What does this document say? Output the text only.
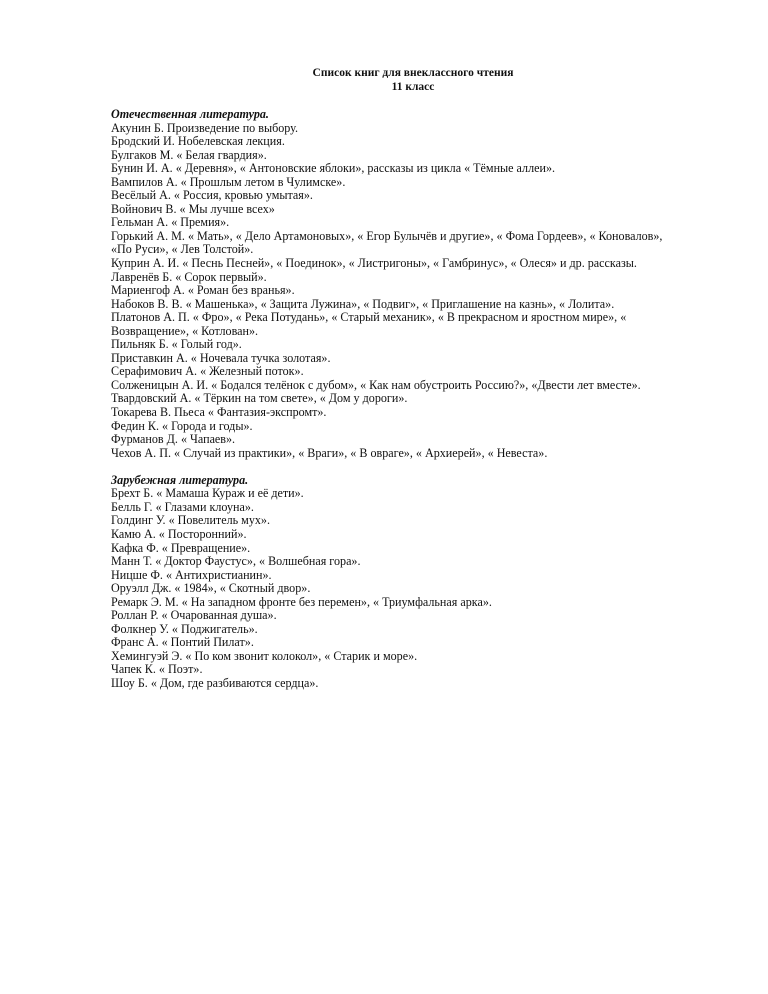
Список книг для внеклассного чтения
11 класс
Отечественная литература.
Акунин Б. Произведение по выбору.
Бродский И. Нобелевская лекция.
Булгаков М. « Белая гвардия».
Бунин И. А. « Деревня», « Антоновские яблоки», рассказы из цикла « Тёмные аллеи».
Вампилов А. « Прошлым летом в Чулимске».
Весёлый А. « Россия, кровью умытая».
Войнович В. « Мы лучше всех»
Гельман А. « Премия».
Горький А. М. « Мать», « Дело Артамоновых», « Егор Булычёв и другие», « Фома Гордеев», « Коновалов»,
«По Руси», « Лев Толстой».
Куприн А. И. « Песнь Песней», « Поединок», « Листригоны», « Гамбринус», « Олеся» и др. рассказы.
Лавренёв Б. « Сорок первый».
Мариенгоф А. « Роман без вранья».
Набоков В. В. « Машенька», « Защита Лужина», « Подвиг», « Приглашение на казнь», « Лолита».
Платонов А. П. « Фро», « Река Потудань», « Старый механик», « В прекрасном и яростном мире», «
Возвращение», « Котлован».
Пильняк Б. « Голый год».
Приставкин А. « Ночевала тучка золотая».
Серафимович А. « Железный поток».
Солженицын А. И. « Бодался телёнок с дубом», « Как нам обустроить Россию?», «Двести лет вместе».
Твардовский А. « Тёркин на том свете», « Дом у дороги».
Токарева В. Пьеса « Фантазия-экспромт».
Федин К. « Города и годы».
Фурманов Д. « Чапаев».
Чехов А. П. « Случай из практики», « Враги», « В овраге», « Архиерей», « Невеста».
Зарубежная литература.
Брехт Б. « Мамаша Кураж и её дети».
Белль Г. « Глазами клоуна».
Голдинг У. « Повелитель мух».
Камю А. « Посторонний».
Кафка Ф. « Превращение».
Манн Т. « Доктор Фаустус», « Волшебная гора».
Ницше Ф. « Антихристианин».
Оруэлл Дж. « 1984», « Скотный двор».
Ремарк Э. М. « На западном фронте без перемен», « Триумфальная арка».
Роллан Р. « Очарованная душа».
Фолкнер У. « Поджигатель».
Франс А. « Понтий Пилат».
Хемингуэй Э. « По ком звонит колокол», « Старик и море».
Чапек К. « Поэт».
Шоу Б. « Дом, где разбиваются сердца».
